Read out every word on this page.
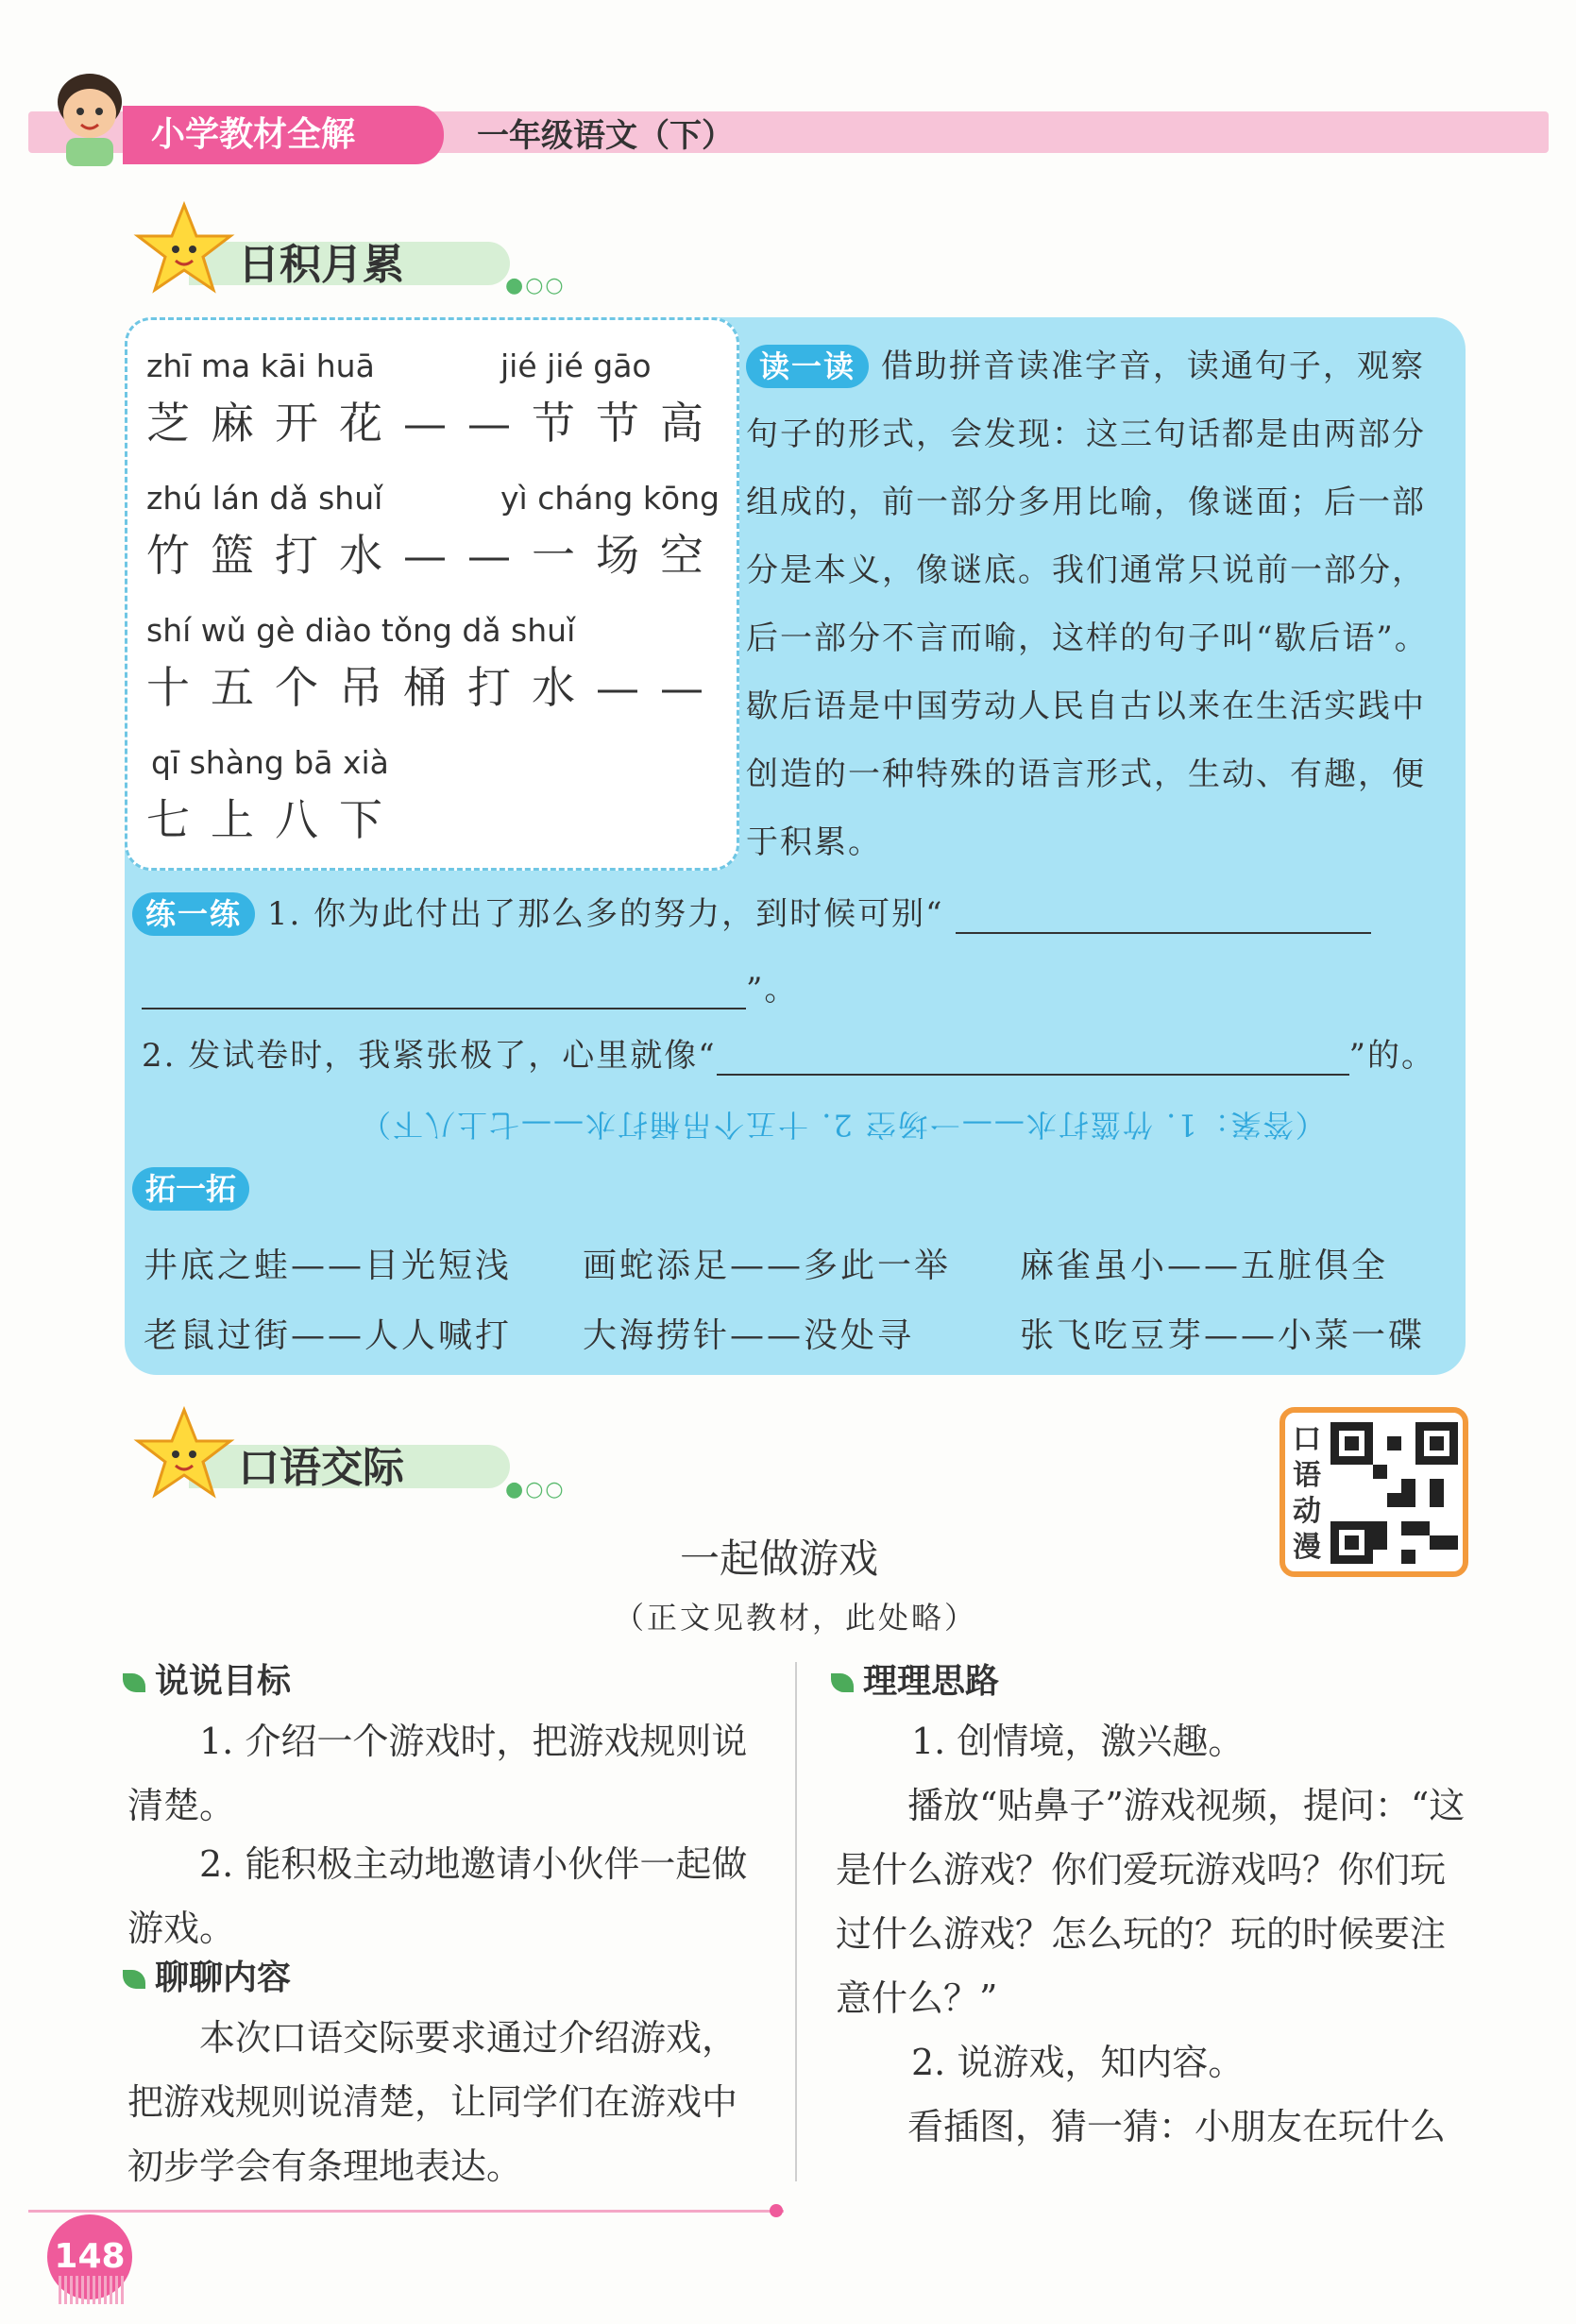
小学教材全解	一年级语文（下）
日积月累	●○○
zhī ma kāi huā	jié jié gāo
芝麻开花——节节高
zhú lán dǎ shuǐ	yì cháng kōng
竹篮打水——一场空
shí wǔ gè diào tǒng dǎ shuǐ
十五个吊桶打水——
qī shàng bā xià
七上八下
读一读 借助拼音读准字音，读通句子，观察句子的形式，会发现：这三句话都是由两部分组成的，前一部分多用比喻，像谜面；后一部分是本义，像谜底。我们通常只说前一部分，后一部分不言而喻，这样的句子叫“歇后语”。歇后语是中国劳动人民自古以来在生活实践中创造的一种特殊的语言形式，生动、有趣，便于积累。
练一练 1. 你为此付出了那么多的努力，到时候可别“
”。
2. 发试卷时，我紧张极了，心里就像“	”的。
（答案：1. 竹篮打水——一场空 2. 十五个吊桶打水——七上八下）
拓一拓
井底之蛙——目光短浅 画蛇添足——多此一举 麻雀虽小——五脏俱全
老鼠过街——人人喊打 大海捞针——没处寻	张飞吃豆芽——小菜一碟
口语交际	●○○
口语动漫
一起做游戏
（正文见教材，此处略）
说说目标
1. 介绍一个游戏时，把游戏规则说清楚。
2. 能积极主动地邀请小伙伴一起做游戏。
聊聊内容
本次口语交际要求通过介绍游戏，把游戏规则说清楚，让同学们在游戏中初步学会有条理地表达。
理理思路
1. 创情境，激兴趣。
播放“贴鼻子”游戏视频，提问：“这是什么游戏？你们爱玩游戏吗？你们玩过什么游戏？怎么玩的？玩的时候要注意什么？”
2. 说游戏，知内容。
看插图，猜一猜：小朋友在玩什么
148
